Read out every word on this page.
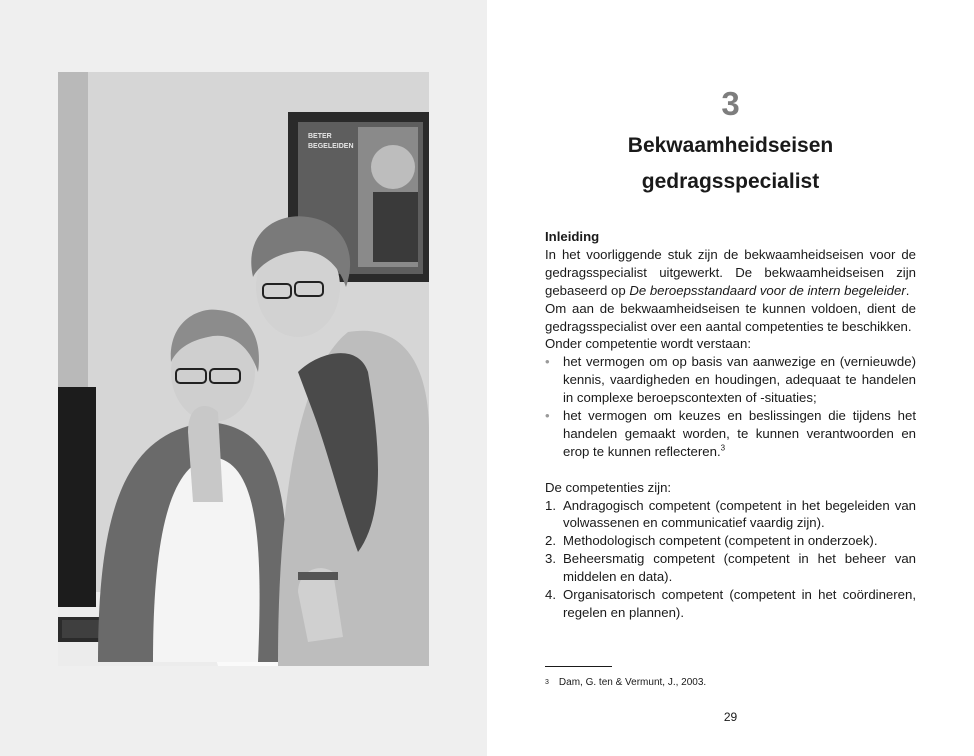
BETER
BEGELEIDEN
3
Bekwaamheidseisen
gedragsspecialist

Inleiding

In het voorliggende stuk zijn de bekwaamheidseisen voor de gedragsspecialist uitgewerkt. De bekwaamheidseisen zijn gebaseerd op De beroepsstandaard voor de intern begeleider.

Om aan de bekwaamheidseisen te kunnen voldoen, dient de gedragsspecialist over een aantal competenties te beschikken.

Onder competentie wordt verstaan:

• het vermogen om op basis van aanwezige en (vernieuwde) kennis, vaardigheden en houdingen, adequaat te handelen in complexe beroepscontexten of -situaties;
• het vermogen om keuzes en beslissingen die tijdens het handelen gemaakt worden, te kunnen verantwoorden en erop te kunnen reflecteren.$^3$

De competenties zijn:

1. Andragogisch competent (competent in het begeleiden van volwassenen en communicatief vaardig zijn).
2. Methodologisch competent (competent in onderzoek).
3. Beheersmatig competent (competent in het beheer van middelen en data).
4. Organisatorisch competent (competent in het coördineren, regelen en plannen).
$^3$ Dam, G. ten & Vermunt, J., 2003.
29
